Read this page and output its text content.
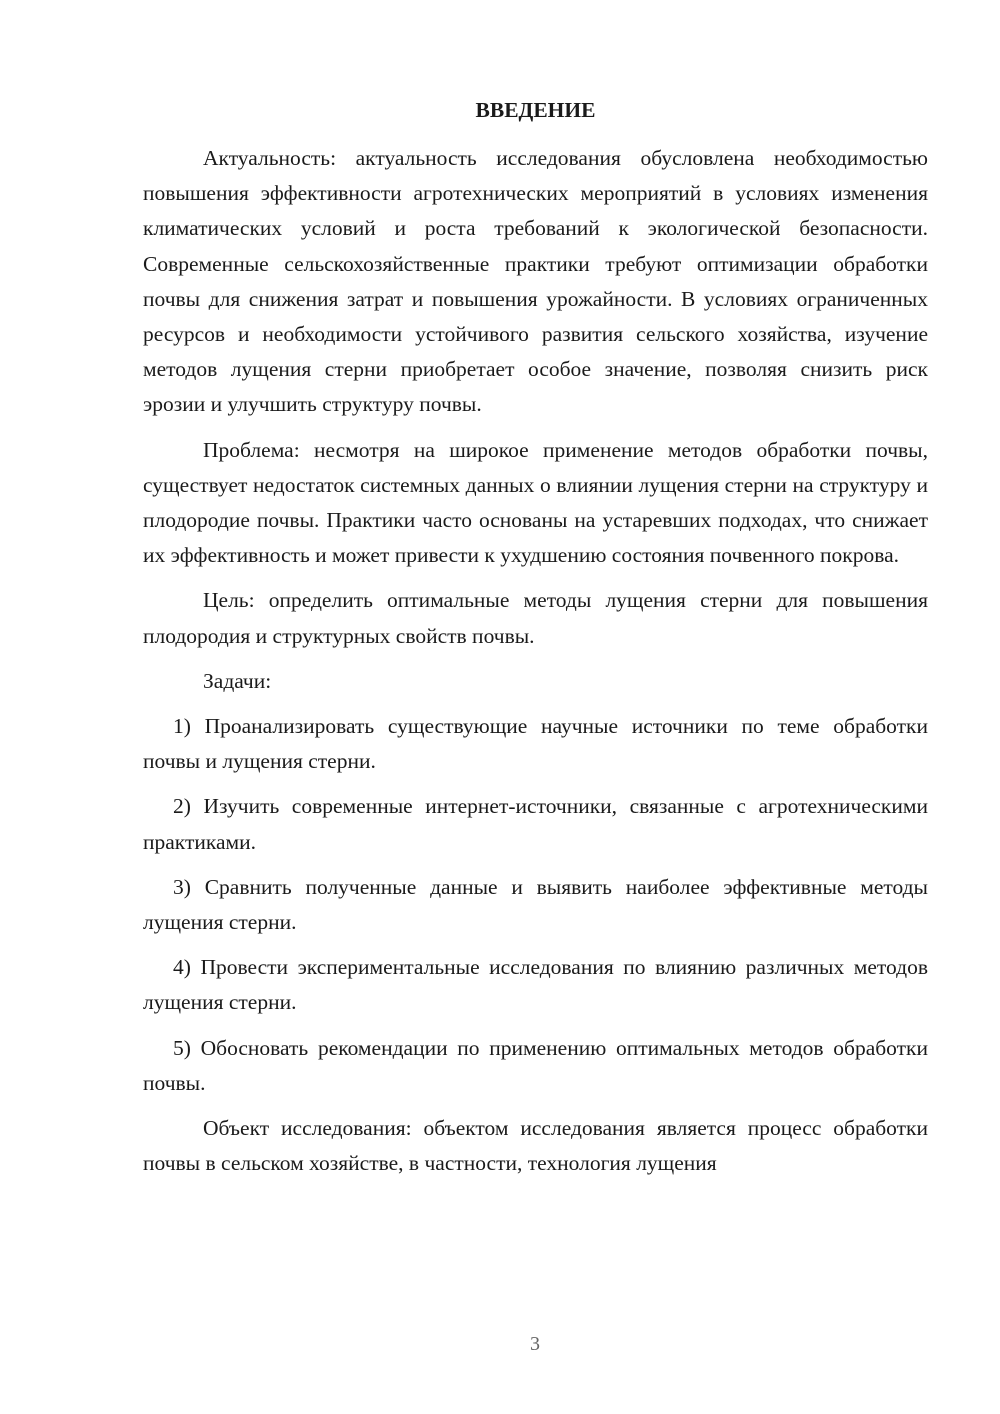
ВВЕДЕНИЕ

Актуальность: актуальность исследования обусловлена необходимостью повышения эффективности агротехнических мероприятий в условиях изменения климатических условий и роста требований к экологической безопасности. Современные сельскохозяйственные практики требуют оптимизации обработки почвы для снижения затрат и повышения урожайности. В условиях ограниченных ресурсов и необходимости устойчивого развития сельского хозяйства, изучение методов лущения стерни приобретает особое значение, позволяя снизить риск эрозии и улучшить структуру почвы.

Проблема: несмотря на широкое применение методов обработки почвы, существует недостаток системных данных о влиянии лущения стерни на структуру и плодородие почвы. Практики часто основаны на устаревших подходах, что снижает их эффективность и может привести к ухудшению состояния почвенного покрова.

Цель: определить оптимальные методы лущения стерни для повышения плодородия и структурных свойств почвы.

Задачи:

1) Проанализировать существующие научные источники по теме обработки почвы и лущения стерни.

2) Изучить современные интернет-источники, связанные с агротехническими практиками.

3) Сравнить полученные данные и выявить наиболее эффективные методы лущения стерни.

4) Провести экспериментальные исследования по влиянию различных методов лущения стерни.

5) Обосновать рекомендации по применению оптимальных методов обработки почвы.

Объект исследования: объектом исследования является процесс обработки почвы в сельском хозяйстве, в частности, технология лущения

3
